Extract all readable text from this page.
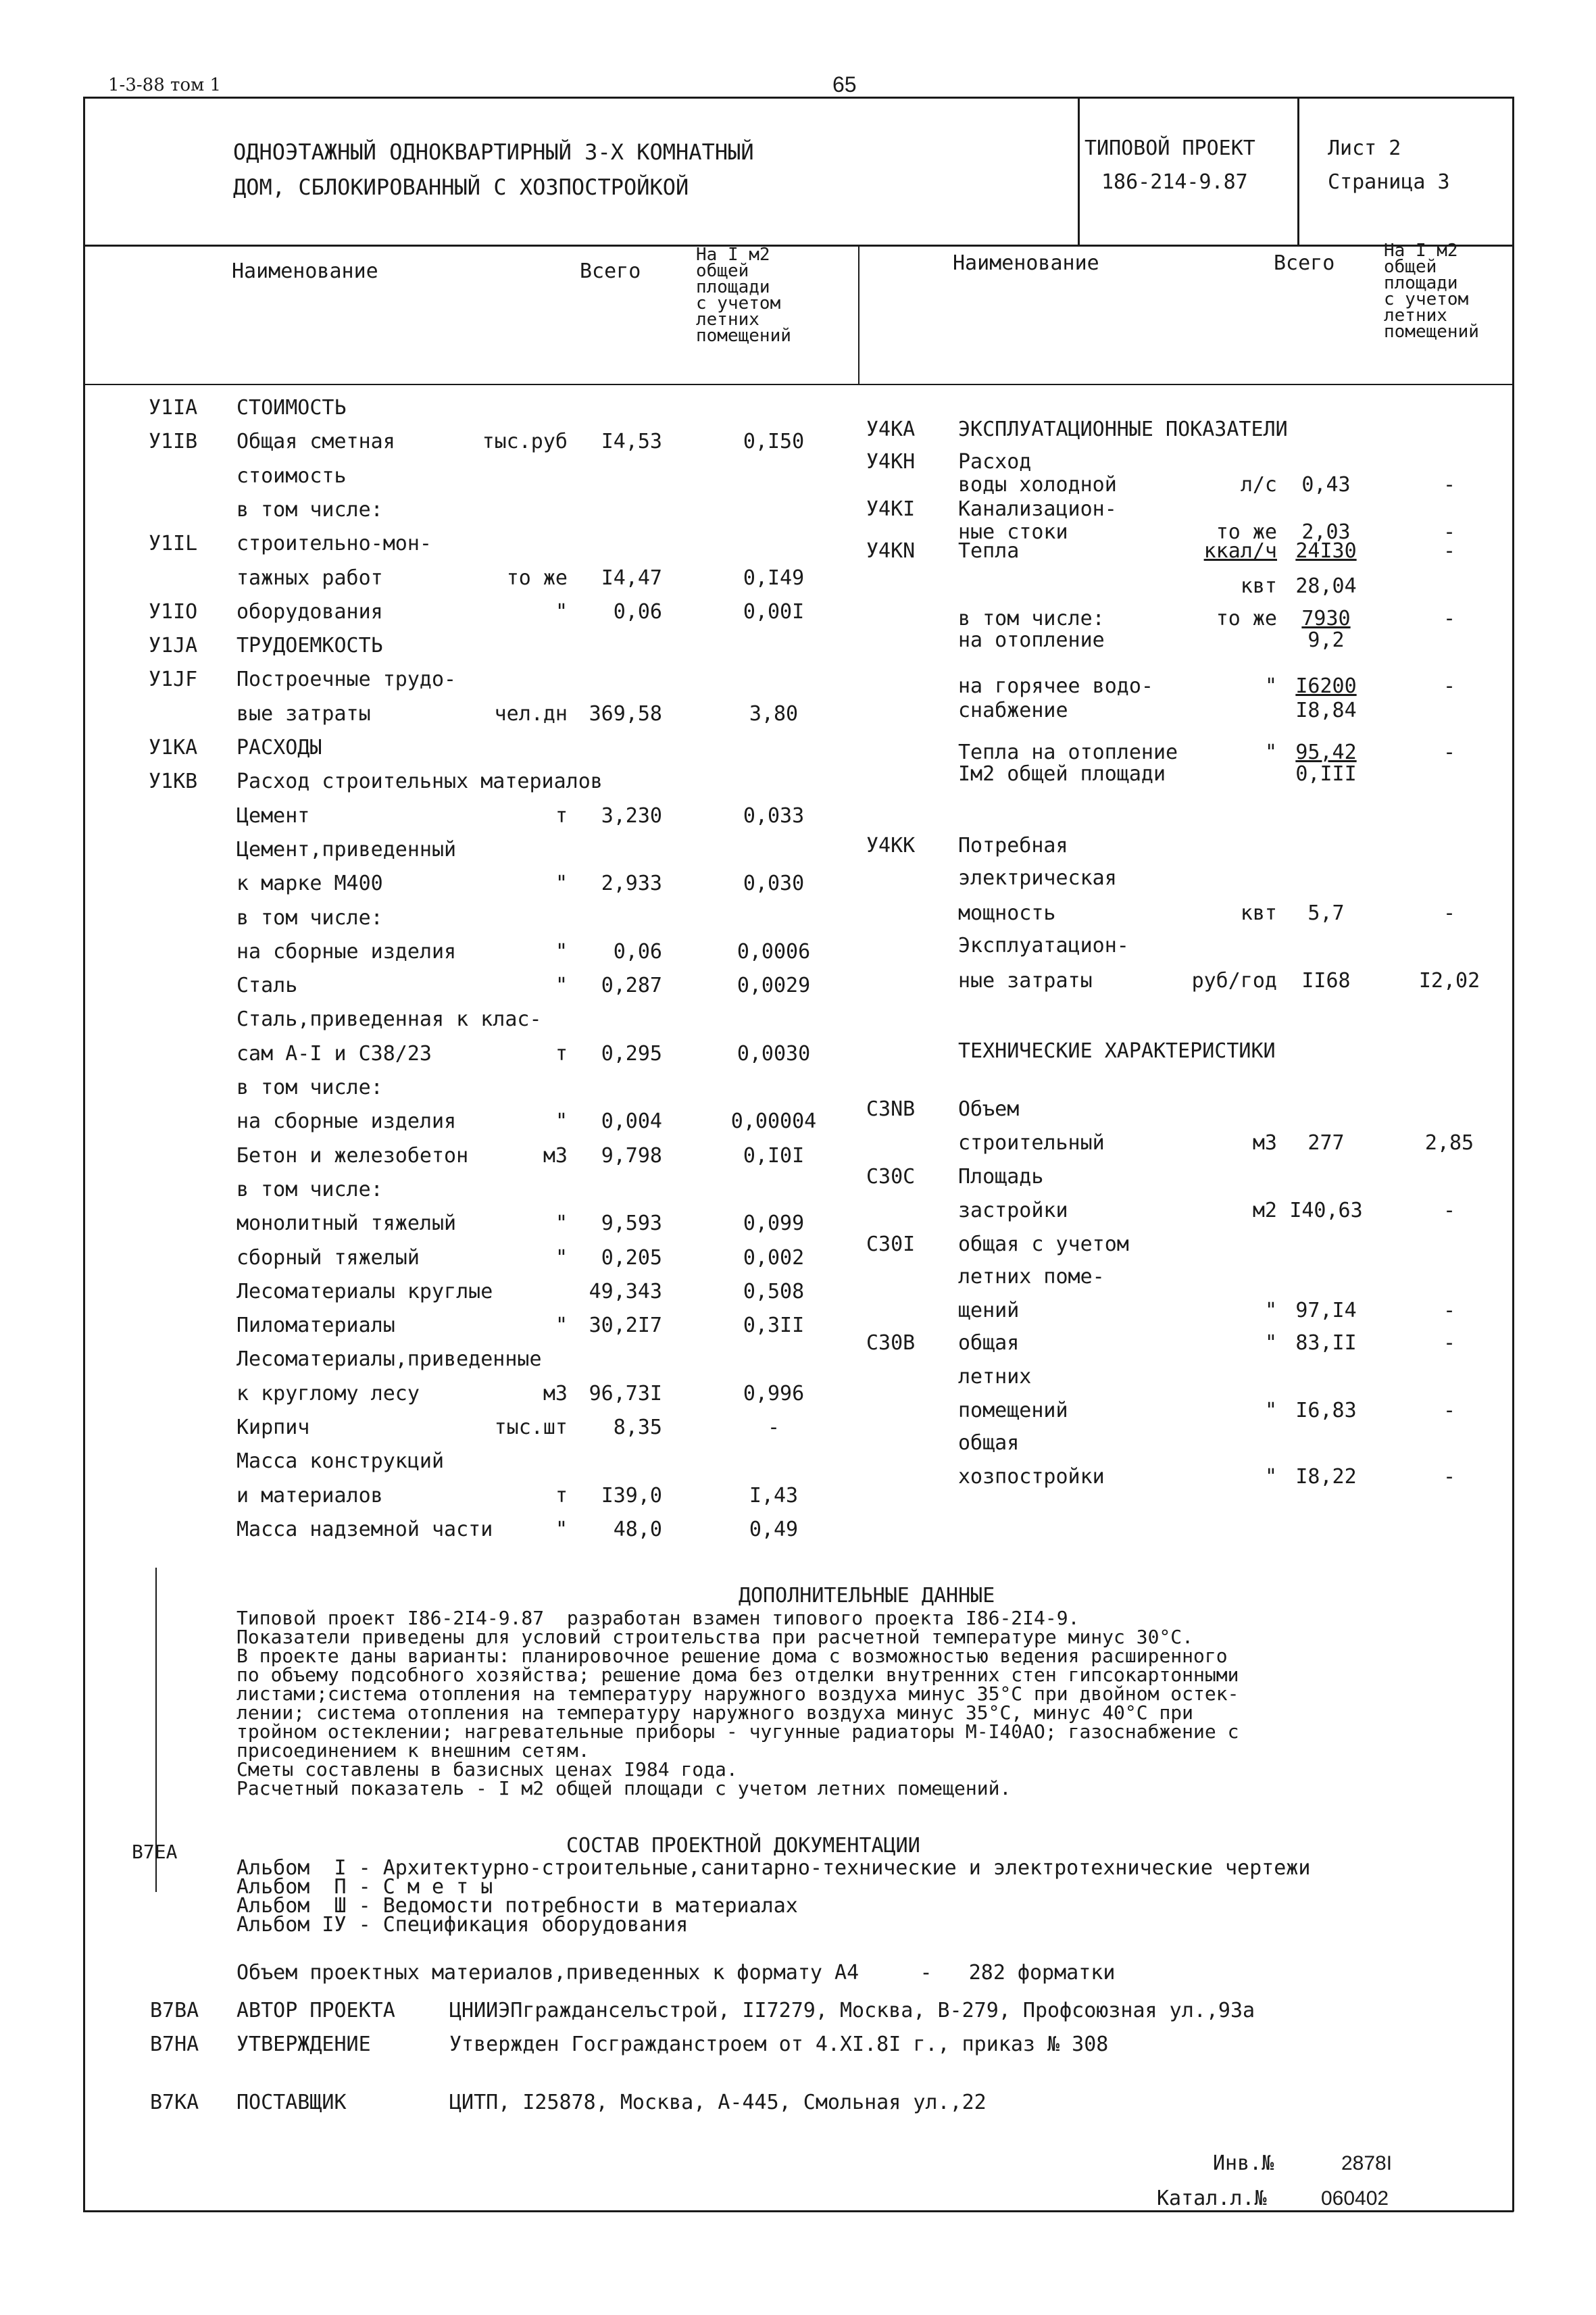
1-3-88 том 1	65
ОДНОЭТАЖНЫЙ ОДНОКВАРТИРНЫЙ 3-Х КОМНАТНЫЙ
ДОМ, СБЛОКИРОВАННЫЙ С ХОЗПОСТРОЙКОЙ
ТИПОВОЙ ПРОЕКТ
186-214-9.87
Лист 2
Страница 3
Наименование	Всего
На I м2
общей
площади
с учетом
летних
помещений
Наименование	Всего
На I м2
общей
площади
с учетом
летних
помещений
У1IА СТОИМОСТЬ
У1IВ Общая сметная	тыс.руб	I4,53	0,I50
стоимость
в том числе:
У1IL строительно-мон-
тажных работ	то же	I4,47	0,I49
У1IO оборудования	"	0,06	0,00I
У1JА ТРУДОЕМКОСТЬ
У1JF Построечные трудо-
вые затраты	чел.дн	369,58	3,80
У1КА РАСХОДЫ
У1КВ Расход строительных материалов
Цемент	т	3,230	0,033
Цемент,приведенный
к марке М400	"	2,933	0,030
в том числе:
на сборные изделия	"	0,06	0,0006
Сталь	"	0,287	0,0029
Сталь,приведенная к клас-
сам А-I и С38/23	т	0,295	0,0030
в том числе:
на сборные изделия	"	0,004	0,00004
Бетон и железобетон	м3	9,798	0,I0I
в том числе:
монолитный тяжелый	"	9,593	0,099
сборный тяжелый	"	0,205	0,002
Лесоматериалы круглые	49,343	0,508
Пиломатериалы	"	30,2I7	0,3II
Лесоматериалы,приведенные
к круглому лесу	м3	96,73I	0,996
Кирпич	тыс.шт	8,35	-
Масса конструкций
и материалов	т	I39,0	I,43
Масса надземной части	"	48,0	0,49
У4КА ЭКСПЛУАТАЦИОННЫЕ ПОКАЗАТЕЛИ
У4КН Расход
воды холодной	л/с	0,43	-
У4КI Канализацион-
ные стоки	то же	2,03	-
У4КN Тепла	ккал/ч 24I30	-
квт 28,04
в том числе:	то же	7930	-
на отопление	9,2
на горячее водо-	" I6200	-
снабжение	I8,84
Тепла на отопление	" 95,42	-
Iм2 общей площади	0,III
У4КК Потребная
электрическая
мощность	квт	5,7	-
Эксплуатацион-
ные затраты	руб/год	II68	I2,02
ТЕХНИЧЕСКИЕ ХАРАКТЕРИСТИКИ
С3NВ Объем
строительный	м3	277	2,85
С30С Площадь
застройки	м2 I40,63	-
С30I общая с учетом
летних поме-
щений	" 97,I4	-
С30В общая	" 83,II	-
летних
помещений	" I6,83	-
общая
хозпостройки	" I8,22	-
ДОПОЛНИТЕЛЬНЫЕ ДАННЫЕ
Типовой проект I86-2I4-9.87  разработан взамен типового проекта I86-2I4-9.
Показатели приведены для условий строительства при расчетной температуре минус 30°С.
В проекте даны варианты: планировочное решение дома с возможностью ведения расширенного
по объему подсобного хозяйства; решение дома без отделки внутренних стен гипсокартонными
листами;система отопления на температуру наружного воздуха минус 35°С при двойном остек-
лении; система отопления на температуру наружного воздуха минус 35°С, минус 40°С при
тройном остеклении; нагревательные приборы - чугунные радиаторы М-I40АО; газоснабжение с
присоединением к внешним сетям.
Сметы составлены в базисных ценах I984 года.
Расчетный показатель - I м2 общей площади с учетом летних помещений.
В7ЕА	СОСТАВ ПРОЕКТНОЙ ДОКУМЕНТАЦИИ
Альбом  I - Архитектурно-строительные,санитарно-технические и электротехнические чертежи
Альбом  П - С м е т ы
Альбом  Ш - Ведомости потребности в материалах
Альбом IУ - Спецификация оборудования
Объем проектных материалов,приведенных к формату А4     -   282 форматки
В7ВА АВТОР ПРОЕКТА	ЦНИИЭПгражданселъстрой, II7279, Москва, В-279, Профсоюзная ул.,93а
В7НА УТВЕРЖДЕНИЕ	Утвержден Госгражданстроем от 4.XI.8I г., приказ № 308
В7КА ПОСТАВЩИК	ЦИТП, I25878, Москва, А-445, Смольная ул.,22
Инв.№	2878I
Катал.л.№	060402
